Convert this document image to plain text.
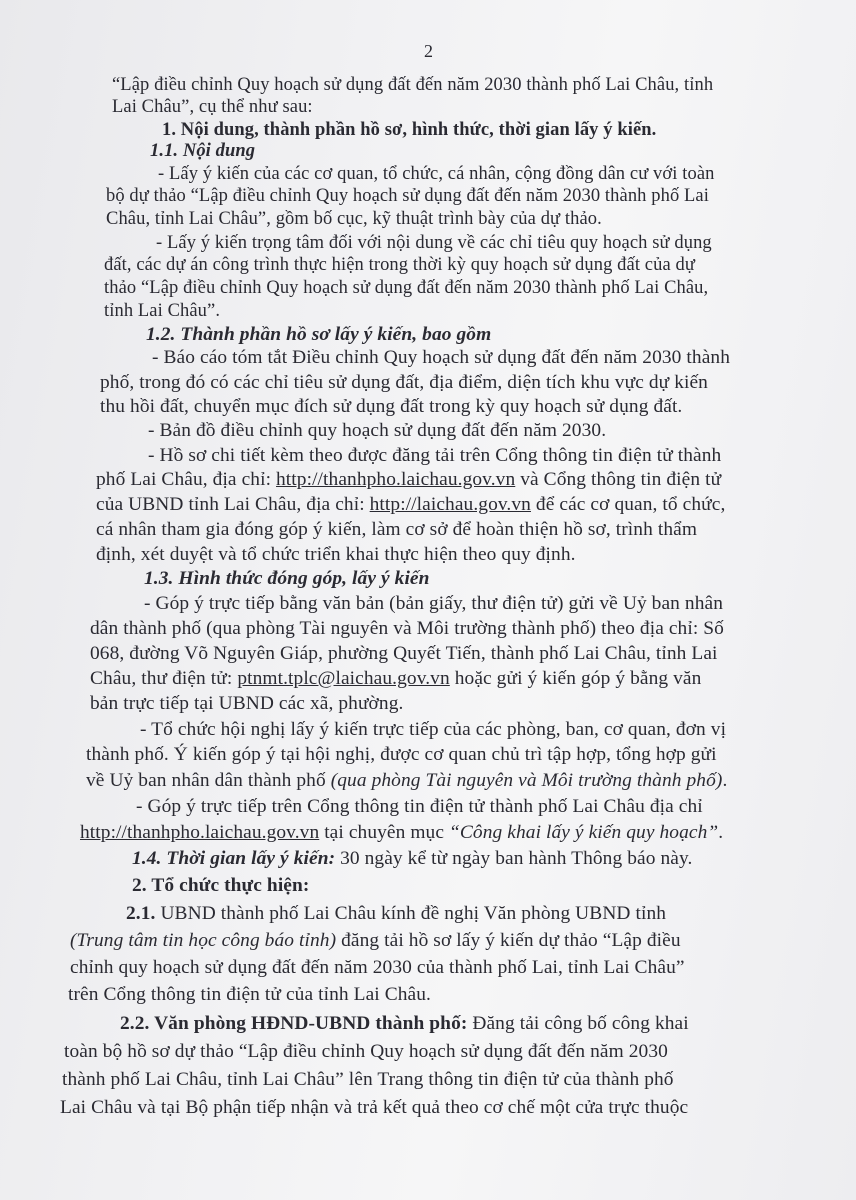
2
“Lập điều chỉnh Quy hoạch sử dụng đất đến năm 2030 thành phố Lai Châu, tỉnh
Lai Châu”, cụ thể như sau:
1. Nội dung, thành phần hồ sơ, hình thức, thời gian lấy ý kiến.
1.1. Nội dung
- Lấy ý kiến của các cơ quan, tổ chức, cá nhân, cộng đồng dân cư với toàn
bộ dự thảo “Lập điều chỉnh Quy hoạch sử dụng đất đến năm 2030 thành phố Lai
Châu, tỉnh Lai Châu”, gồm bố cục, kỹ thuật trình bày của dự thảo.
- Lấy ý kiến trọng tâm đối với nội dung về các chỉ tiêu quy hoạch sử dụng
đất, các dự án công trình thực hiện trong thời kỳ quy hoạch sử dụng đất của dự
thảo “Lập điều chỉnh Quy hoạch sử dụng đất đến năm 2030 thành phố Lai Châu,
tỉnh Lai Châu”.
1.2. Thành phần hồ sơ lấy ý kiến, bao gồm
- Báo cáo tóm tắt Điều chỉnh Quy hoạch sử dụng đất đến năm 2030 thành
phố, trong đó có các chỉ tiêu sử dụng đất, địa điểm, diện tích khu vực dự kiến
thu hồi đất, chuyển mục đích sử dụng đất trong kỳ quy hoạch sử dụng đất.
- Bản đồ điều chỉnh quy hoạch sử dụng đất đến năm 2030.
- Hồ sơ chi tiết kèm theo được đăng tải trên Cổng thông tin điện tử thành
phố Lai Châu, địa chỉ: http://thanhpho.laichau.gov.vn và Cổng thông tin điện tử
của UBND tỉnh Lai Châu, địa chỉ: http://laichau.gov.vn để các cơ quan, tổ chức,
cá nhân tham gia đóng góp ý kiến, làm cơ sở để hoàn thiện hồ sơ, trình thẩm
định, xét duyệt và tổ chức triển khai thực hiện theo quy định.
1.3. Hình thức đóng góp, lấy ý kiến
- Góp ý trực tiếp bằng văn bản (bản giấy, thư điện tử) gửi về Uỷ ban nhân
dân thành phố (qua phòng Tài nguyên và Môi trường thành phố) theo địa chỉ: Số
068, đường Võ Nguyên Giáp, phường Quyết Tiến, thành phố Lai Châu, tỉnh Lai
Châu, thư điện tử: ptnmt.tplc@laichau.gov.vn hoặc gửi ý kiến góp ý bằng văn
bản trực tiếp tại UBND các xã, phường.
- Tổ chức hội nghị lấy ý kiến trực tiếp của các phòng, ban, cơ quan, đơn vị
thành phố. Ý kiến góp ý tại hội nghị, được cơ quan chủ trì tập hợp, tổng hợp gửi
về Uỷ ban nhân dân thành phố (qua phòng Tài nguyên và Môi trường thành phố).
- Góp ý trực tiếp trên Cổng thông tin điện tử thành phố Lai Châu địa chỉ
http://thanhpho.laichau.gov.vn tại chuyên mục “Công khai lấy ý kiến quy hoạch”.
1.4. Thời gian lấy ý kiến: 30 ngày kể từ ngày ban hành Thông báo này.
2. Tổ chức thực hiện:
2.1. UBND thành phố Lai Châu kính đề nghị Văn phòng UBND tỉnh
(Trung tâm tin học công báo tỉnh) đăng tải hồ sơ lấy ý kiến dự thảo “Lập điều
chỉnh quy hoạch sử dụng đất đến năm 2030 của thành phố Lai, tỉnh Lai Châu”
trên Cổng thông tin điện tử của tỉnh Lai Châu.
2.2. Văn phòng HĐND-UBND thành phố: Đăng tải công bố công khai
toàn bộ hồ sơ dự thảo “Lập điều chỉnh Quy hoạch sử dụng đất đến năm 2030
thành phố Lai Châu, tỉnh Lai Châu” lên Trang thông tin điện tử của thành phố
Lai Châu và tại Bộ phận tiếp nhận và trả kết quả theo cơ chế một cửa trực thuộc
